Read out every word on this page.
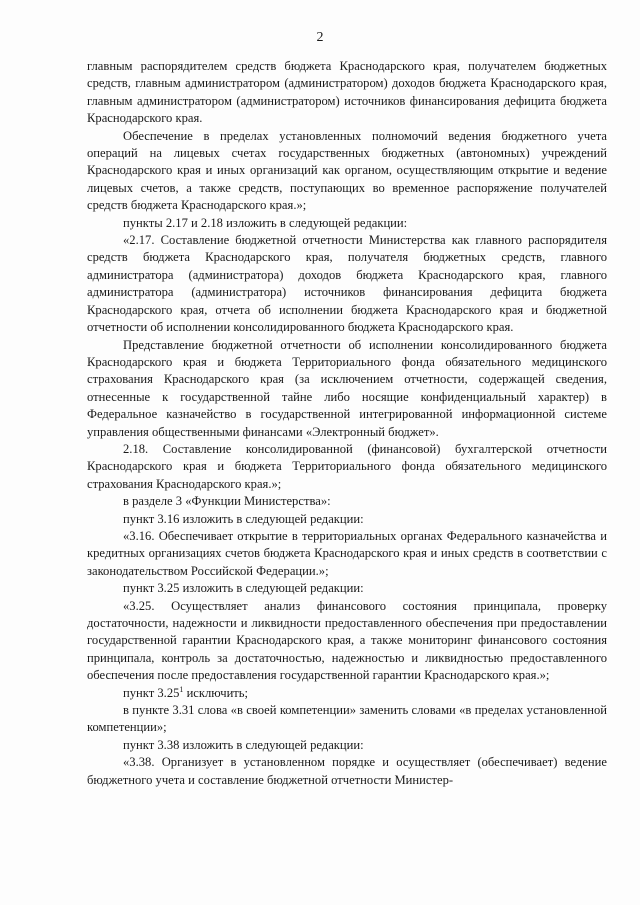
2

главным распорядителем средств бюджета Краснодарского края, получателем бюджетных средств, главным администратором (администратором) доходов бюджета Краснодарского края, главным администратором (администратором) источников финансирования дефицита бюджета Краснодарского края.

Обеспечение в пределах установленных полномочий ведения бюджетного учета операций на лицевых счетах государственных бюджетных (автономных) учреждений Краснодарского края и иных организаций как органом, осуществляющим открытие и ведение лицевых счетов, а также средств, поступающих во временное распоряжение получателей средств бюджета Краснодарского края.»;

пункты 2.17 и 2.18 изложить в следующей редакции:

«2.17. Составление бюджетной отчетности Министерства как главного распорядителя средств бюджета Краснодарского края, получателя бюджетных средств, главного администратора (администратора) доходов бюджета Краснодарского края, главного администратора (администратора) источников финансирования дефицита бюджета Краснодарского края, отчета об исполнении бюджета Краснодарского края и бюджетной отчетности об исполнении консолидированного бюджета Краснодарского края.

Представление бюджетной отчетности об исполнении консолидированного бюджета Краснодарского края и бюджета Территориального фонда обязательного медицинского страхования Краснодарского края (за исключением отчетности, содержащей сведения, отнесенные к государственной тайне либо носящие конфиденциальный характер) в Федеральное казначейство в государственной интегрированной информационной системе управления общественными финансами «Электронный бюджет».

2.18. Составление консолидированной (финансовой) бухгалтерской отчетности Краснодарского края и бюджета Территориального фонда обязательного медицинского страхования Краснодарского края.»;

в разделе 3 «Функции Министерства»:

пункт 3.16 изложить в следующей редакции:

«3.16. Обеспечивает открытие в территориальных органах Федерального казначейства и кредитных организациях счетов бюджета Краснодарского края и иных средств в соответствии с законодательством Российской Федерации.»;

пункт 3.25 изложить в следующей редакции:

«3.25. Осуществляет анализ финансового состояния принципала, проверку достаточности, надежности и ликвидности предоставленного обеспечения при предоставлении государственной гарантии Краснодарского края, а также мониторинг финансового состояния принципала, контроль за достаточностью, надежностью и ликвидностью предоставленного обеспечения после предоставления государственной гарантии Краснодарского края.»;

пункт 3.25$^1$ исключить;

в пункте 3.31 слова «в своей компетенции» заменить словами «в пределах установленной компетенции»;

пункт 3.38 изложить в следующей редакции:

«3.38. Организует в установленном порядке и осуществляет (обеспечивает) ведение бюджетного учета и составление бюджетной отчетности Министер-
